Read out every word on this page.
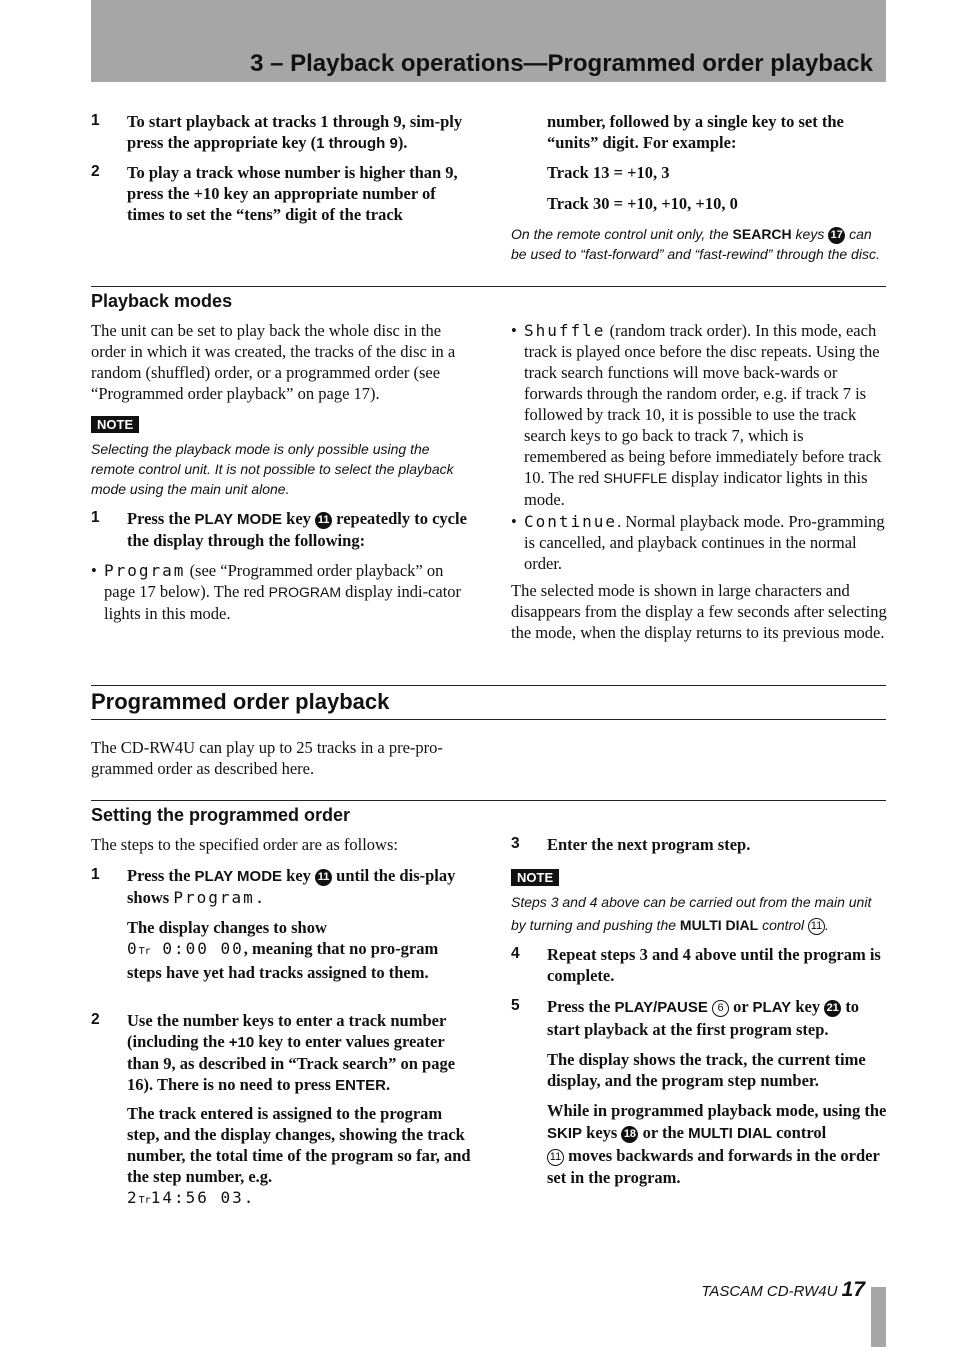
3 – Playback operations—Programmed order playback
1 To start playback at tracks 1 through 9, sim-ply press the appropriate key (1 through 9).
2 To play a track whose number is higher than 9, press the +10 key an appropriate number of times to set the “tens” digit of the track
number, followed by a single key to set the “units” digit. For example:
Track 13 = +10, 3
Track 30 = +10, +10, +10, 0
On the remote control unit only, the SEARCH keys 17 can be used to “fast-forward” and “fast-rewind” through the disc.
Playback modes
The unit can be set to play back the whole disc in the order in which it was created, the tracks of the disc in a random (shuffled) order, or a programmed order (see “Programmed order playback” on page 17).
NOTE
Selecting the playback mode is only possible using the remote control unit. It is not possible to select the playback mode using the main unit alone.
1 Press the PLAY MODE key 11 repeatedly to cycle the display through the following:
• Program (see “Programmed order playback” on page 17 below). The red PROGRAM display indi-cator lights in this mode.
• Shuffle (random track order). In this mode, each track is played once before the disc repeats. Using the track search functions will move back-wards or forwards through the random order, e.g. if track 7 is followed by track 10, it is possible to use the track search keys to go back to track 7, which is remembered as being before immediately before track 10. The red SHUFFLE display indicator lights in this mode.
• Continue. Normal playback mode. Pro-gramming is cancelled, and playback continues in the normal order.
The selected mode is shown in large characters and disappears from the display a few seconds after selecting the mode, when the display returns to its previous mode.
Programmed order playback
The CD-RW4U can play up to 25 tracks in a pre-pro-grammed order as described here.
Setting the programmed order
The steps to the specified order are as follows:
1 Press the PLAY MODE key 11 until the dis-play shows Program.
The display changes to show
0Tr 0:00 00, meaning that no pro-gram steps have yet had tracks assigned to them.
2 Use the number keys to enter a track number (including the +10 key to enter values greater than 9, as described in “Track search” on page 16). There is no need to press ENTER.
The track entered is assigned to the program step, and the display changes, showing the track number, the total time of the program so far, and the step number, e.g.
2Tr14:56 03.
3 Enter the next program step.
NOTE
Steps 3 and 4 above can be carried out from the main unit by turning and pushing the MULTI DIAL control 11 .
4 Repeat steps 3 and 4 above until the program is complete.
5 Press the PLAY/PAUSE 6 or PLAY key 21 to start playback at the first program step.
The display shows the track, the current time display, and the program step number.
While in programmed playback mode, using the SKIP keys 18 or the MULTI DIAL control
11 moves backwards and forwards in the order set in the program.
TASCAM CD-RW4U 17
